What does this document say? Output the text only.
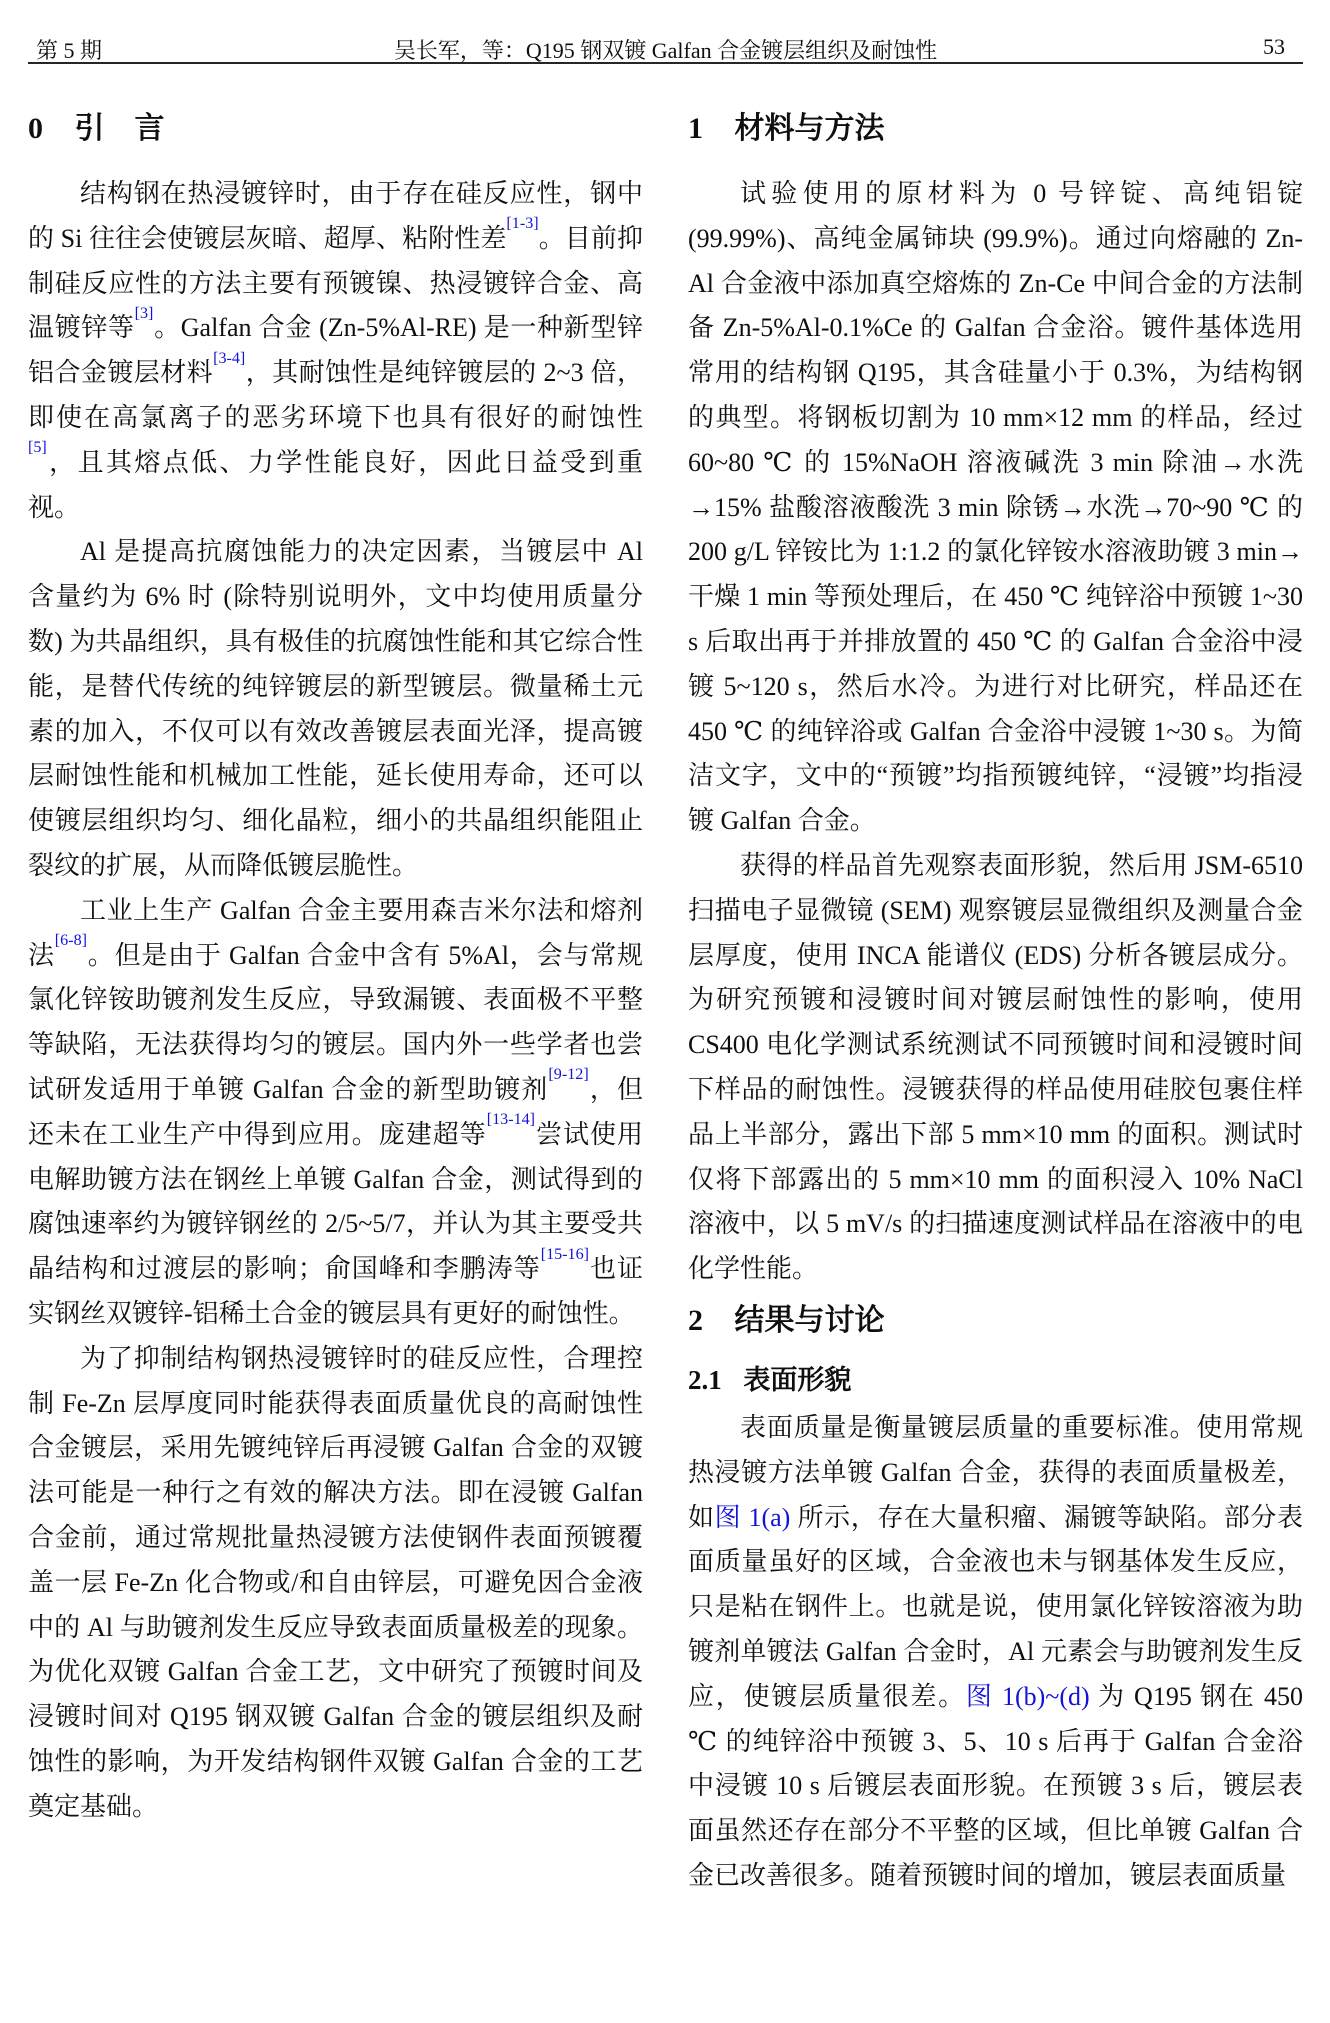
第 5 期	吴长军，等：Q195 钢双镀 Galfan 合金镀层组织及耐蚀性	53
0 引　言

结构钢在热浸镀锌时，由于存在硅反应性，钢中的 Si 往往会使镀层灰暗、超厚、粘附性差[1-3]。目前抑制硅反应性的方法主要有预镀镍、热浸镀锌合金、高温镀锌等[3]。Galfan 合金 (Zn-5%Al-RE) 是一种新型锌铝合金镀层材料[3-4]，其耐蚀性是纯锌镀层的 2~3 倍，即使在高氯离子的恶劣环境下也具有很好的耐蚀性[5]，且其熔点低、力学性能良好，因此日益受到重视。

Al 是提高抗腐蚀能力的决定因素，当镀层中 Al 含量约为 6% 时 (除特别说明外，文中均使用质量分数) 为共晶组织，具有极佳的抗腐蚀性能和其它综合性能，是替代传统的纯锌镀层的新型镀层。微量稀土元素的加入，不仅可以有效改善镀层表面光泽，提高镀层耐蚀性能和机械加工性能，延长使用寿命，还可以使镀层组织均匀、细化晶粒，细小的共晶组织能阻止裂纹的扩展，从而降低镀层脆性。

工业上生产 Galfan 合金主要用森吉米尔法和熔剂法[6-8]。但是由于 Galfan 合金中含有 5%Al，会与常规氯化锌铵助镀剂发生反应，导致漏镀、表面极不平整等缺陷，无法获得均匀的镀层。国内外一些学者也尝试研发适用于单镀 Galfan 合金的新型助镀剂[9-12]，但还未在工业生产中得到应用。庞建超等[13-14]尝试使用电解助镀方法在钢丝上单镀 Galfan 合金，测试得到的腐蚀速率约为镀锌钢丝的 2/5~5/7，并认为其主要受共晶结构和过渡层的影响；俞国峰和李鹏涛等[15-16]也证实钢丝双镀锌-铝稀土合金的镀层具有更好的耐蚀性。

为了抑制结构钢热浸镀锌时的硅反应性，合理控制 Fe-Zn 层厚度同时能获得表面质量优良的高耐蚀性合金镀层，采用先镀纯锌后再浸镀 Galfan 合金的双镀法可能是一种行之有效的解决方法。即在浸镀 Galfan 合金前，通过常规批量热浸镀方法使钢件表面预镀覆盖一层 Fe-Zn 化合物或/和自由锌层，可避免因合金液中的 Al 与助镀剂发生反应导致表面质量极差的现象。为优化双镀 Galfan 合金工艺，文中研究了预镀时间及浸镀时间对 Q195 钢双镀 Galfan 合金的镀层组织及耐蚀性的影响，为开发结构钢件双镀 Galfan 合金的工艺奠定基础。

1 材料与方法

试验使用的原材料为 0 号锌锭、高纯铝锭 (99.99%)、高纯金属铈块 (99.9%)。通过向熔融的 Zn-Al 合金液中添加真空熔炼的 Zn-Ce 中间合金的方法制备 Zn-5%Al-0.1%Ce 的 Galfan 合金浴。镀件基体选用常用的结构钢 Q195，其含硅量小于 0.3%，为结构钢的典型。将钢板切割为 10 mm×12 mm 的样品，经过 60~80 ℃ 的 15%NaOH 溶液碱洗 3 min 除油→水洗→15% 盐酸溶液酸洗 3 min 除锈→水洗→70~90 ℃ 的 200 g/L 锌铵比为 1:1.2 的氯化锌铵水溶液助镀 3 min→干燥 1 min 等预处理后，在 450 ℃ 纯锌浴中预镀 1~30 s 后取出再于并排放置的 450 ℃ 的 Galfan 合金浴中浸镀 5~120 s，然后水冷。为进行对比研究，样品还在 450 ℃ 的纯锌浴或 Galfan 合金浴中浸镀 1~30 s。为简洁文字，文中的“预镀”均指预镀纯锌，“浸镀”均指浸镀 Galfan 合金。

获得的样品首先观察表面形貌，然后用 JSM-6510 扫描电子显微镜 (SEM) 观察镀层显微组织及测量合金层厚度，使用 INCA 能谱仪 (EDS) 分析各镀层成分。为研究预镀和浸镀时间对镀层耐蚀性的影响，使用 CS400 电化学测试系统测试不同预镀时间和浸镀时间下样品的耐蚀性。浸镀获得的样品使用硅胶包裹住样品上半部分，露出下部 5 mm×10 mm 的面积。测试时仅将下部露出的 5 mm×10 mm 的面积浸入 10% NaCl 溶液中，以 5 mV/s 的扫描速度测试样品在溶液中的电化学性能。

2 结果与讨论
2.1 表面形貌

表面质量是衡量镀层质量的重要标准。使用常规热浸镀方法单镀 Galfan 合金，获得的表面质量极差，如图 1(a) 所示，存在大量积瘤、漏镀等缺陷。部分表面质量虽好的区域，合金液也未与钢基体发生反应，只是粘在钢件上。也就是说，使用氯化锌铵溶液为助镀剂单镀法 Galfan 合金时，Al 元素会与助镀剂发生反应，使镀层质量很差。图 1(b)~(d) 为 Q195 钢在 450 ℃ 的纯锌浴中预镀 3、5、10 s 后再于 Galfan 合金浴中浸镀 10 s 后镀层表面形貌。在预镀 3 s 后，镀层表面虽然还存在部分不平整的区域，但比单镀 Galfan 合金已改善很多。随着预镀时间的增加，镀层表面质量
